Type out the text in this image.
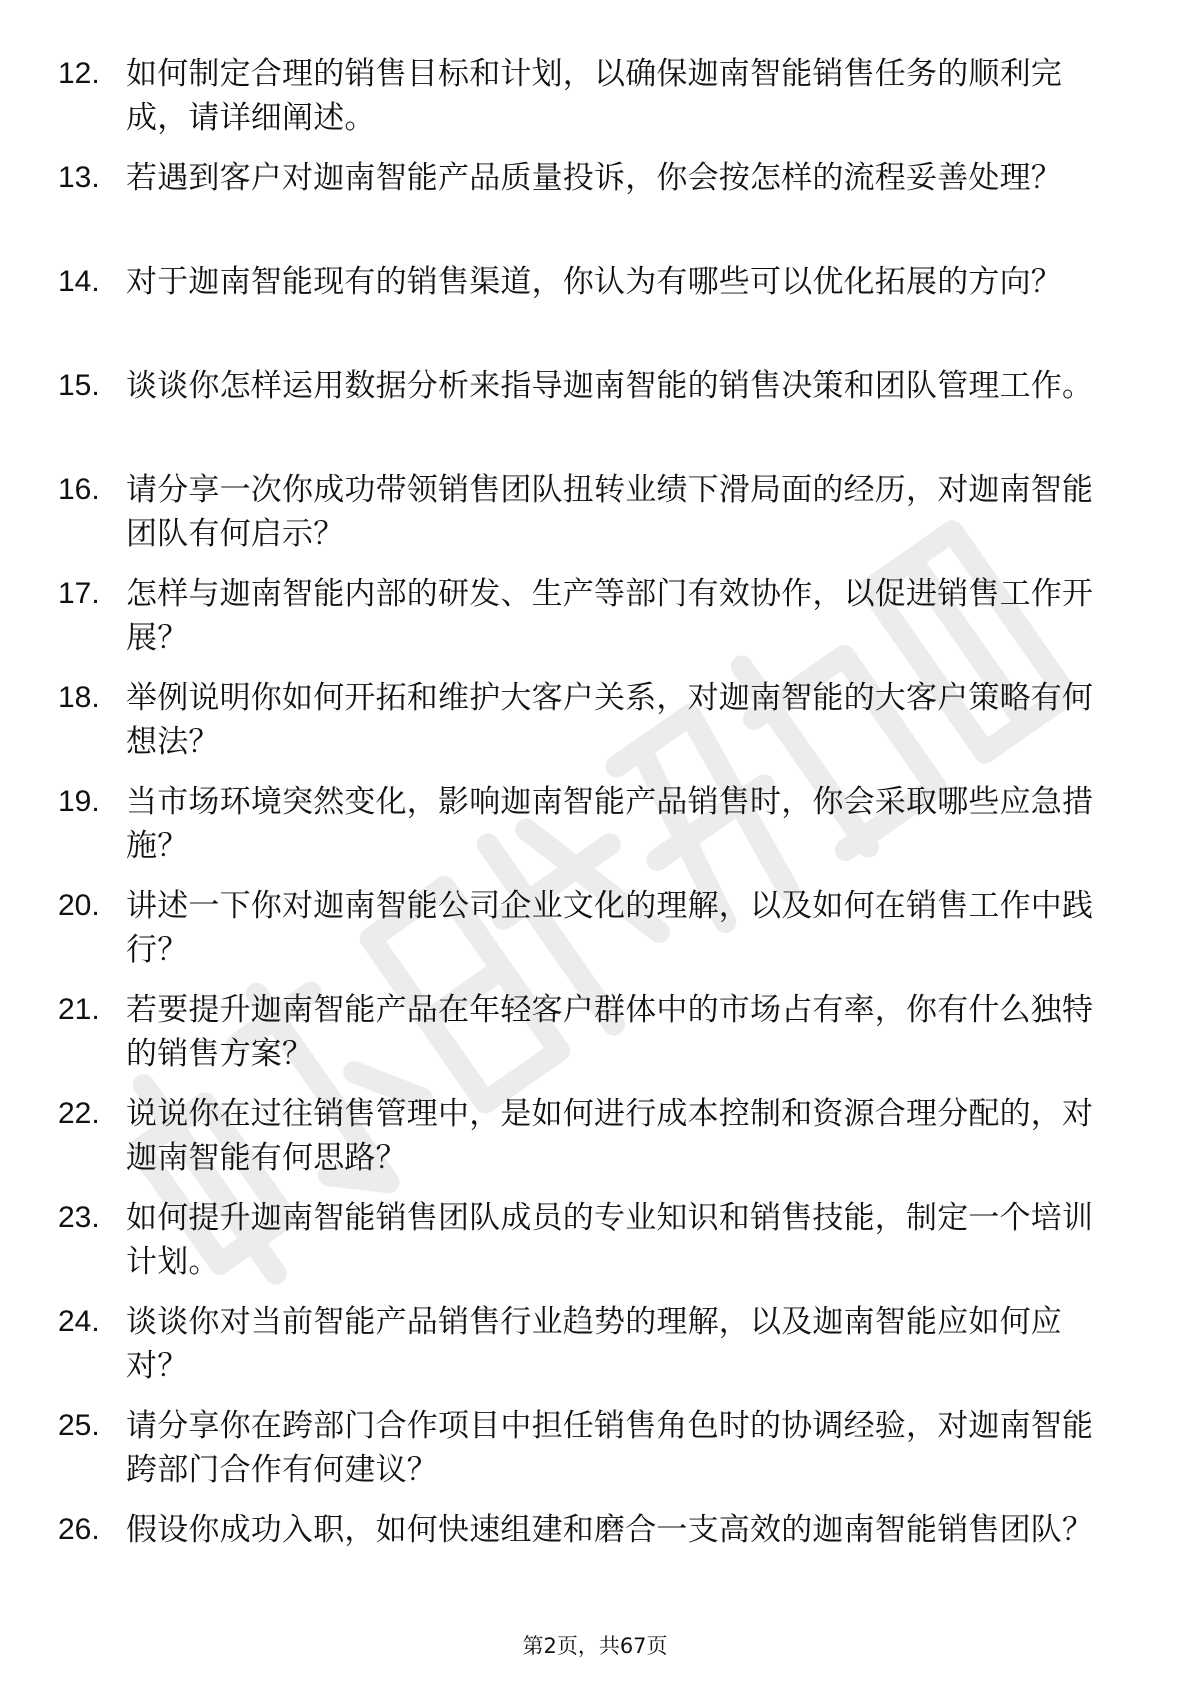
12. 如何制定合理的销售目标和计划，以确保迦南智能销售任务的顺利完成，请详细阐述。
13. 若遇到客户对迦南智能产品质量投诉，你会按怎样的流程妥善处理？
14. 对于迦南智能现有的销售渠道，你认为有哪些可以优化拓展的方向？
15. 谈谈你怎样运用数据分析来指导迦南智能的销售决策和团队管理工作。
16. 请分享一次你成功带领销售团队扭转业绩下滑局面的经历，对迦南智能团队有何启示？
17. 怎样与迦南智能内部的研发、生产等部门有效协作，以促进销售工作开展？
18. 举例说明你如何开拓和维护大客户关系，对迦南智能的大客户策略有何想法？
19. 当市场环境突然变化，影响迦南智能产品销售时，你会采取哪些应急措施？
20. 讲述一下你对迦南智能公司企业文化的理解，以及如何在销售工作中践行？
21. 若要提升迦南智能产品在年轻客户群体中的市场占有率，你有什么独特的销售方案？
22. 说说你在过往销售管理中，是如何进行成本控制和资源合理分配的，对迦南智能有何思路？
23. 如何提升迦南智能销售团队成员的专业知识和销售技能，制定一个培训计划。
24. 谈谈你对当前智能产品销售行业趋势的理解，以及迦南智能应如何应对？
25. 请分享你在跨部门合作项目中担任销售角色时的协调经验，对迦南智能跨部门合作有何建议？
26. 假设你成功入职，如何快速组建和磨合一支高效的迦南智能销售团队？
第2页，共67页
